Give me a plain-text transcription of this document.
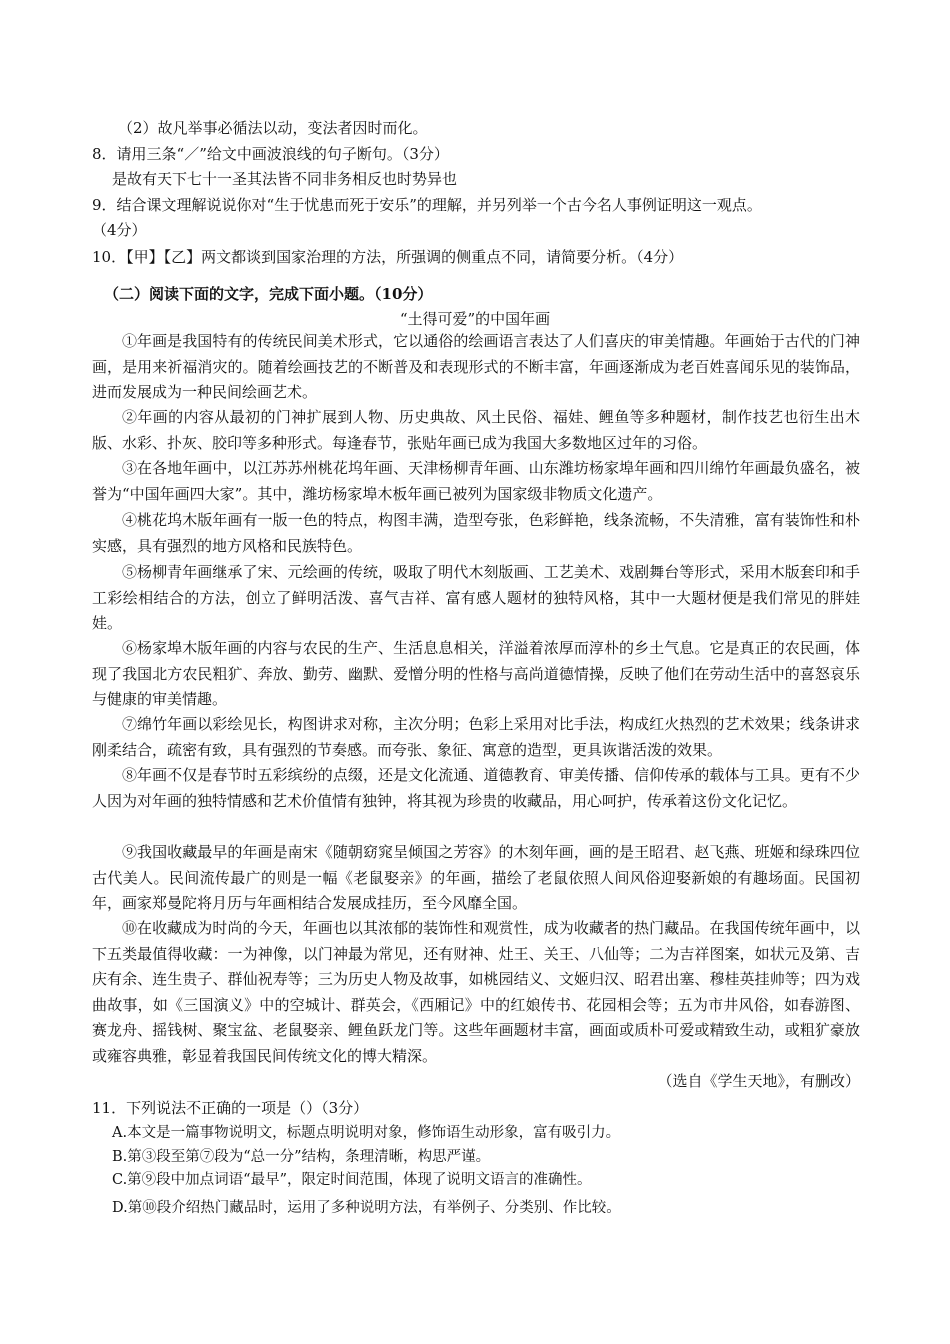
（2）故凡举事必循法以动，变法者因时而化。
8．请用三条“／”给文中画波浪线的句子断句。（3分）
是故有天下七十一圣其法皆不同非务相反也时势异也
9．结合课文理解说说你对“生于忧患而死于安乐”的理解，并另列举一个古今名人事例证明这一观点。
（4分）
10．【甲】【乙】两文都谈到国家治理的方法，所强调的侧重点不同，请简要分析。（4分）
（二）阅读下面的文字，完成下面小题。（10分）
“土得可爱”的中国年画

①年画是我国特有的传统民间美术形式，它以通俗的绘画语言表达了人们喜庆的审美情趣。年画始于古代的门神画，是用来祈福消灾的。随着绘画技艺的不断普及和表现形式的不断丰富，年画逐渐成为老百姓喜闻乐见的装饰品，进而发展成为一种民间绘画艺术。

②年画的内容从最初的门神扩展到人物、历史典故、风土民俗、福娃、鲤鱼等多种题材，制作技艺也衍生出木版、水彩、扑灰、胶印等多种形式。每逢春节，张贴年画已成为我国大多数地区过年的习俗。

③在各地年画中，以江苏苏州桃花坞年画、天津杨柳青年画、山东潍坊杨家埠年画和四川绵竹年画最负盛名，被誉为“中国年画四大家”。其中，潍坊杨家埠木板年画已被列为国家级非物质文化遗产。

④桃花坞木版年画有一版一色的特点，构图丰满，造型夸张，色彩鲜艳，线条流畅，不失清雅，富有装饰性和朴实感，具有强烈的地方风格和民族特色。

⑤杨柳青年画继承了宋、元绘画的传统，吸取了明代木刻版画、工艺美术、戏剧舞台等形式，采用木版套印和手工彩绘相结合的方法，创立了鲜明活泼、喜气吉祥、富有感人题材的独特风格，其中一大题材便是我们常见的胖娃娃。

⑥杨家埠木版年画的内容与农民的生产、生活息息相关，洋溢着浓厚而淳朴的乡土气息。它是真正的农民画，体现了我国北方农民粗犷、奔放、勤劳、幽默、爱憎分明的性格与高尚道德情操，反映了他们在劳动生活中的喜怒哀乐与健康的审美情趣。

⑦绵竹年画以彩绘见长，构图讲求对称，主次分明；色彩上采用对比手法，构成红火热烈的艺术效果；线条讲求刚柔结合，疏密有致，具有强烈的节奏感。而夸张、象征、寓意的造型，更具诙谐活泼的效果。

⑧年画不仅是春节时五彩缤纷的点缀，还是文化流通、道德教育、审美传播、信仰传承的载体与工具。更有不少人因为对年画的独特情感和艺术价值情有独钟，将其视为珍贵的收藏品，用心呵护，传承着这份文化记忆。

⑨我国收藏最早的年画是南宋《随朝窈窕呈倾国之芳容》的木刻年画，画的是王昭君、赵飞燕、班姬和绿珠四位古代美人。民间流传最广的则是一幅《老鼠娶亲》的年画，描绘了老鼠依照人间风俗迎娶新娘的有趣场面。民国初年，画家郑曼陀将月历与年画相结合发展成挂历，至今风靡全国。

⑩在收藏成为时尚的今天，年画也以其浓郁的装饰性和观赏性，成为收藏者的热门藏品。在我国传统年画中，以下五类最值得收藏：一为神像，以门神最为常见，还有财神、灶王、关王、八仙等；二为吉祥图案，如状元及第、吉庆有余、连生贵子、群仙祝寿等；三为历史人物及故事，如桃园结义、文姬归汉、昭君出塞、穆桂英挂帅等；四为戏曲故事，如《三国演义》中的空城计、群英会，《西厢记》中的红娘传书、花园相会等；五为市井风俗，如春游图、赛龙舟、摇钱树、聚宝盆、老鼠娶亲、鲤鱼跃龙门等。这些年画题材丰富，画面或质朴可爱或精致生动，或粗犷豪放或雍容典雅，彰显着我国民间传统文化的博大精深。

（选自《学生天地》，有删改）
11．下列说法不正确的一项是（）（3分）
A.本文是一篇事物说明文，标题点明说明对象，修饰语生动形象，富有吸引力。
B.第③段至第⑦段为“总一分”结构，条理清晰，构思严谨。
C.第⑨段中加点词语“最早”，限定时间范围，体现了说明文语言的准确性。
D.第⑩段介绍热门藏品时，运用了多种说明方法，有举例子、分类别、作比较。
